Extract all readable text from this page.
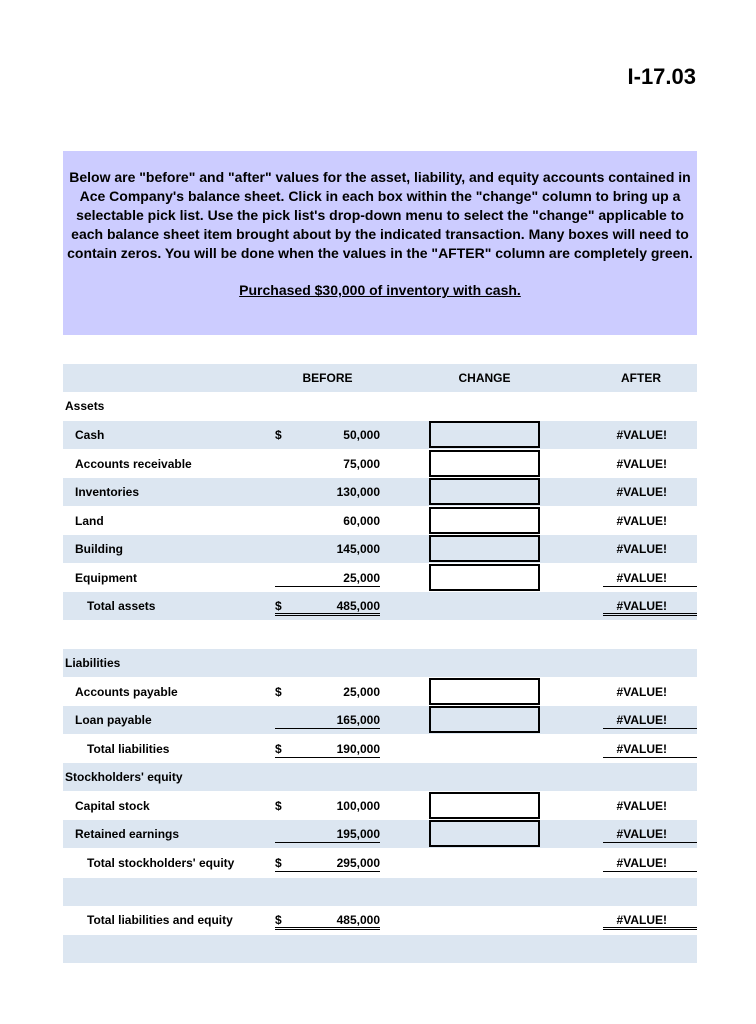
I-17.03

Below are "before" and "after" values for the asset, liability, and equity accounts contained in Ace Company's balance sheet. Click in each box within the "change" column to bring up a selectable pick list. Use the pick list's drop-down menu to select the "change" applicable to each balance sheet item brought about by the indicated transaction. Many boxes will need to contain zeros. You will be done when the values in the "AFTER" column are completely green.

Purchased $30,000 of inventory with cash.

BEFORE	CHANGE	AFTER
Assets
Cash	$	50,000	#VALUE!
Accounts receivable	75,000	#VALUE!
Inventories	130,000	#VALUE!
Land	60,000	#VALUE!
Building	145,000	#VALUE!
Equipment	25,000	#VALUE!
Total assets	$	485,000	#VALUE!
Liabilities
Accounts payable	$	25,000	#VALUE!
Loan payable	165,000	#VALUE!
Total liabilities	$	190,000	#VALUE!
Stockholders' equity
Capital stock	$	100,000	#VALUE!
Retained earnings	195,000	#VALUE!
Total stockholders' equity	$	295,000	#VALUE!
Total liabilities and equity	$	485,000	#VALUE!
